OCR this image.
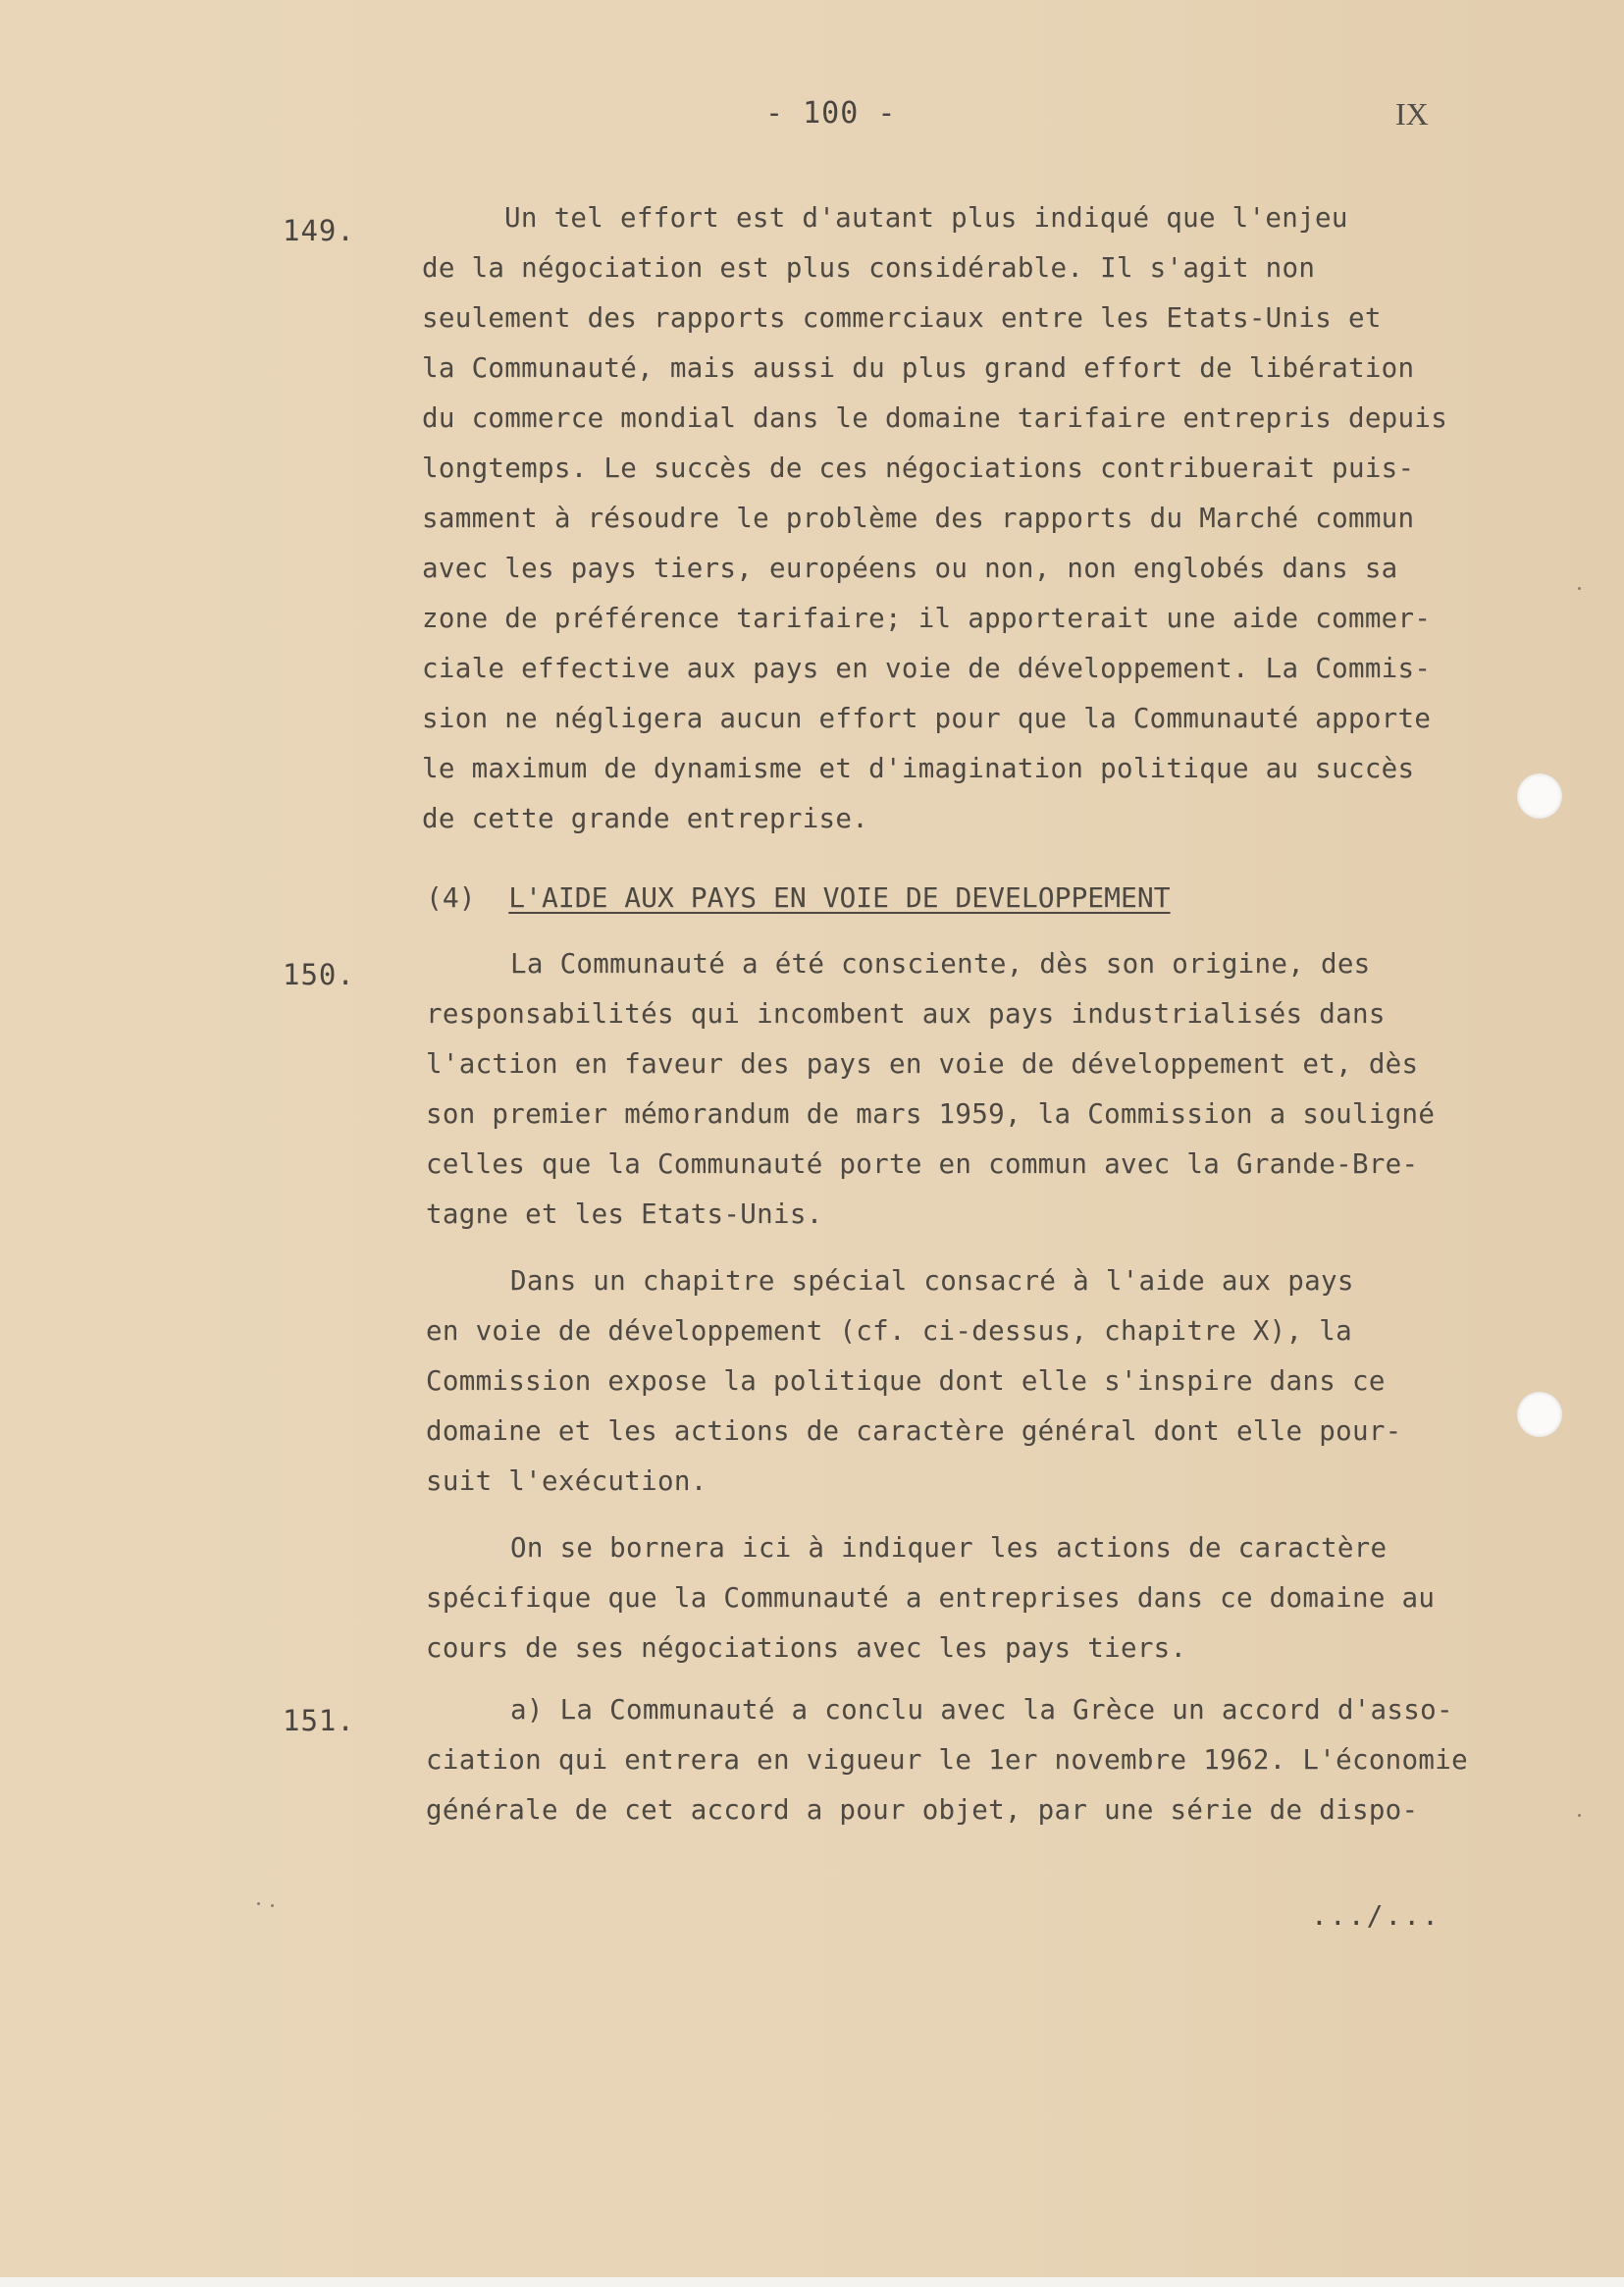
- 100 -	IX
149.	Un tel effort est d'autant plus indiqué que l'enjeu
de la négociation est plus considérable. Il s'agit non
seulement des rapports commerciaux entre les Etats-Unis et
la Communauté, mais aussi du plus grand effort de libération
du commerce mondial dans le domaine tarifaire entrepris depuis
longtemps. Le succès de ces négociations contribuerait puis-
samment à résoudre le problème des rapports du Marché commun
avec les pays tiers, européens ou non, non englobés dans sa
zone de préférence tarifaire; il apporterait une aide commer-
ciale effective aux pays en voie de développement. La Commis-
sion ne négligera aucun effort pour que la Communauté apporte
le maximum de dynamisme et d'imagination politique au succès
de cette grande entreprise.
(4) L'AIDE AUX PAYS EN VOIE DE DEVELOPPEMENT
150.	La Communauté a été consciente, dès son origine, des
responsabilités qui incombent aux pays industrialisés dans
l'action en faveur des pays en voie de développement et, dès
son premier mémorandum de mars 1959, la Commission a souligné
celles que la Communauté porte en commun avec la Grande-Bre-
tagne et les Etats-Unis.
Dans un chapitre spécial consacré à l'aide aux pays
en voie de développement (cf. ci-dessus, chapitre X), la
Commission expose la politique dont elle s'inspire dans ce
domaine et les actions de caractère général dont elle pour-
suit l'exécution.
On se bornera ici à indiquer les actions de caractère
spécifique que la Communauté a entreprises dans ce domaine au
cours de ses négociations avec les pays tiers.
151.	a) La Communauté a conclu avec la Grèce un accord d'asso-
ciation qui entrera en vigueur le 1er novembre 1962. L'économie
générale de cet accord a pour objet, par une série de dispo-
.../...
